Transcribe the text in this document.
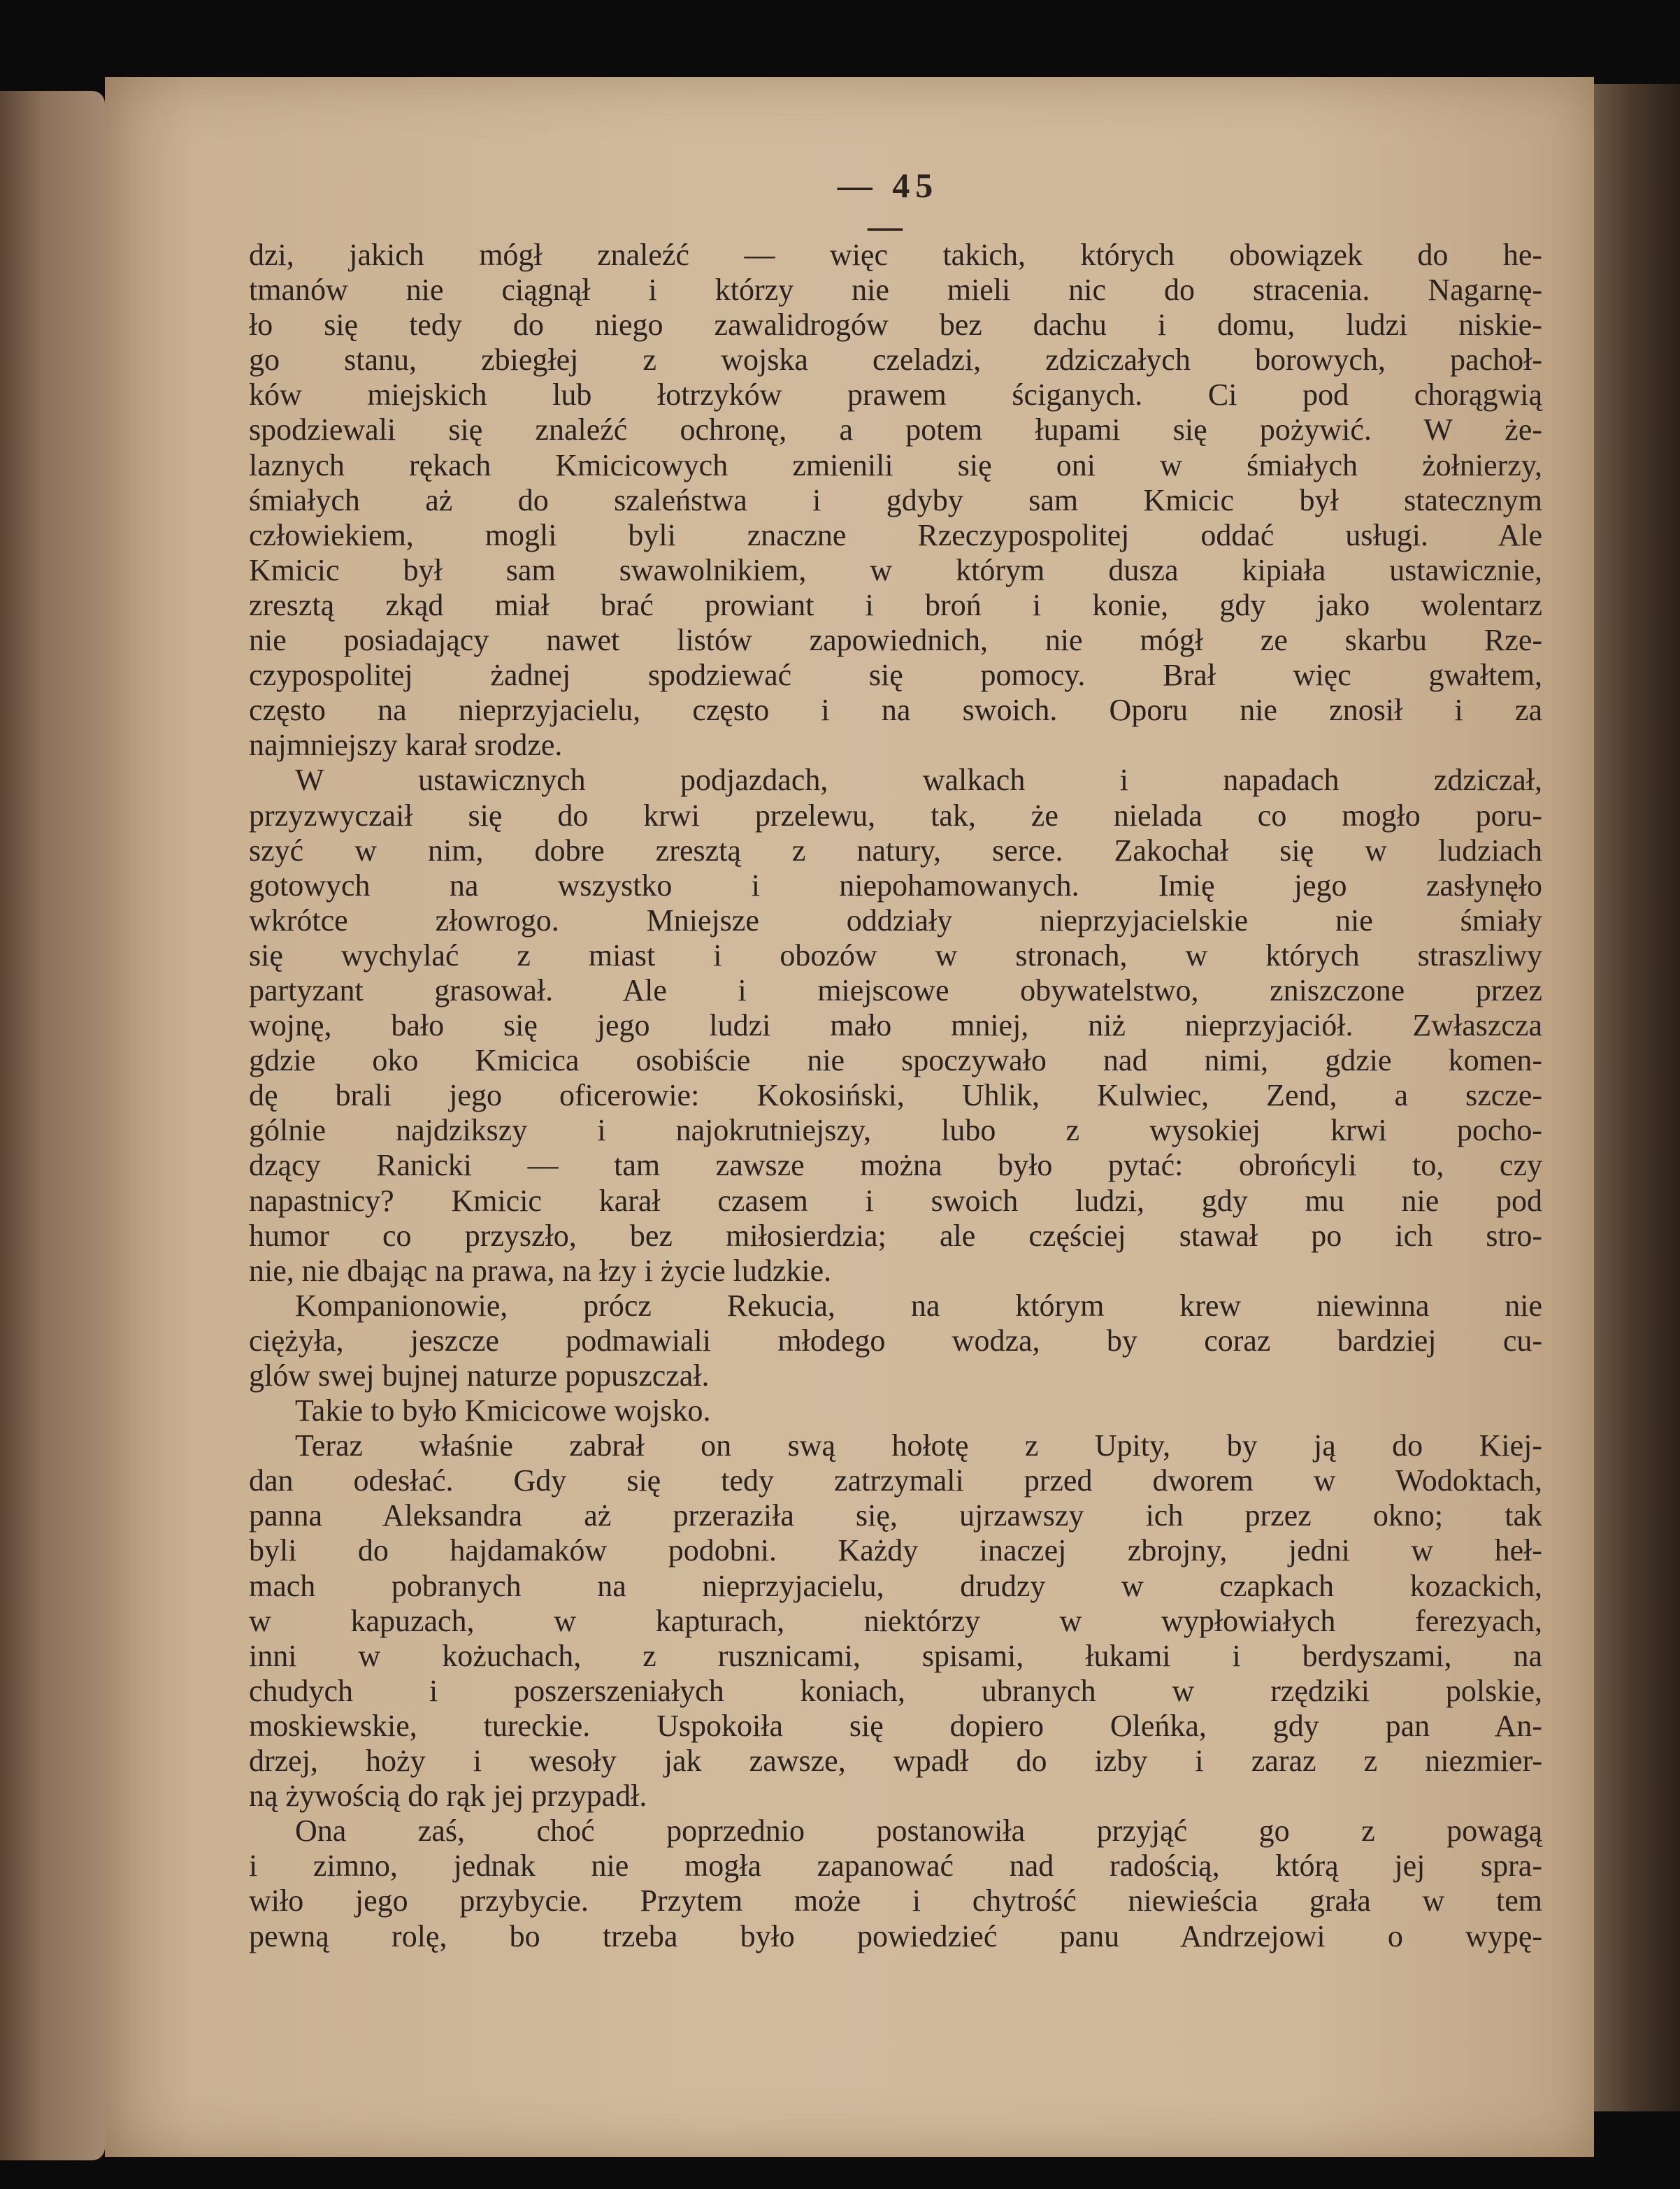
— 45 —
dzi, jakich mógł znaleźć — więc takich, których obowiązek do he-
tmanów nie ciągnął i którzy nie mieli nic do stracenia. Nagarnę-
ło się tedy do niego zawalidrogów bez dachu i domu, ludzi niskie-
go stanu, zbiegłej z wojska czeladzi, zdziczałych borowych, pachoł-
ków miejskich lub łotrzyków prawem ściganych. Ci pod chorągwią
spodziewali się znaleźć ochronę, a potem łupami się pożywić. W że-
laznych rękach Kmicicowych zmienili się oni w śmiałych żołnierzy,
śmiałych aż do szaleństwa i gdyby sam Kmicic był statecznym
człowiekiem, mogli byli znaczne Rzeczypospolitej oddać usługi. Ale
Kmicic był sam swawolnikiem, w którym dusza kipiała ustawicznie,
zresztą zkąd miał brać prowiant i broń i konie, gdy jako wolentarz
nie posiadający nawet listów zapowiednich, nie mógł ze skarbu Rze-
czypospolitej żadnej spodziewać się pomocy. Brał więc gwałtem,
często na nieprzyjacielu, często i na swoich. Oporu nie znosił i za
najmniejszy karał srodze.
W ustawicznych podjazdach, walkach i napadach zdziczał,
przyzwyczaił się do krwi przelewu, tak, że nielada co mogło poru-
szyć w nim, dobre zresztą z natury, serce. Zakochał się w ludziach
gotowych na wszystko i niepohamowanych. Imię jego zasłynęło
wkrótce złowrogo. Mniejsze oddziały nieprzyjacielskie nie śmiały
się wychylać z miast i obozów w stronach, w których straszliwy
partyzant grasował. Ale i miejscowe obywatelstwo, zniszczone przez
wojnę, bało się jego ludzi mało mniej, niż nieprzyjaciół. Zwłaszcza
gdzie oko Kmicica osobiście nie spoczywało nad nimi, gdzie komen-
dę brali jego oficerowie: Kokosiński, Uhlik, Kulwiec, Zend, a szcze-
gólnie najdzikszy i najokrutniejszy, lubo z wysokiej krwi pocho-
dzący Ranicki — tam zawsze można było pytać: obrońcyli to, czy
napastnicy? Kmicic karał czasem i swoich ludzi, gdy mu nie pod
humor co przyszło, bez miłosierdzia; ale częściej stawał po ich stro-
nie, nie dbając na prawa, na łzy i życie ludzkie.
Kompanionowie, prócz Rekucia, na którym krew niewinna nie
ciężyła, jeszcze podmawiali młodego wodza, by coraz bardziej cu-
glów swej bujnej naturze popuszczał.
Takie to było Kmicicowe wojsko.
Teraz właśnie zabrał on swą hołotę z Upity, by ją do Kiej-
dan odesłać. Gdy się tedy zatrzymali przed dworem w Wodoktach,
panna Aleksandra aż przeraziła się, ujrzawszy ich przez okno; tak
byli do hajdamaków podobni. Każdy inaczej zbrojny, jedni w heł-
mach pobranych na nieprzyjacielu, drudzy w czapkach kozackich,
w kapuzach, w kapturach, niektórzy w wypłowiałych ferezyach,
inni w kożuchach, z rusznicami, spisami, łukami i berdyszami, na
chudych i poszerszeniałych koniach, ubranych w rzędziki polskie,
moskiewskie, tureckie. Uspokoiła się dopiero Oleńka, gdy pan An-
drzej, hoży i wesoły jak zawsze, wpadł do izby i zaraz z niezmier-
ną żywością do rąk jej przypadł.
Ona zaś, choć poprzednio postanowiła przyjąć go z powagą
i zimno, jednak nie mogła zapanować nad radością, którą jej spra-
wiło jego przybycie. Przytem może i chytrość niewieścia grała w tem
pewną rolę, bo trzeba było powiedzieć panu Andrzejowi o wypę-
